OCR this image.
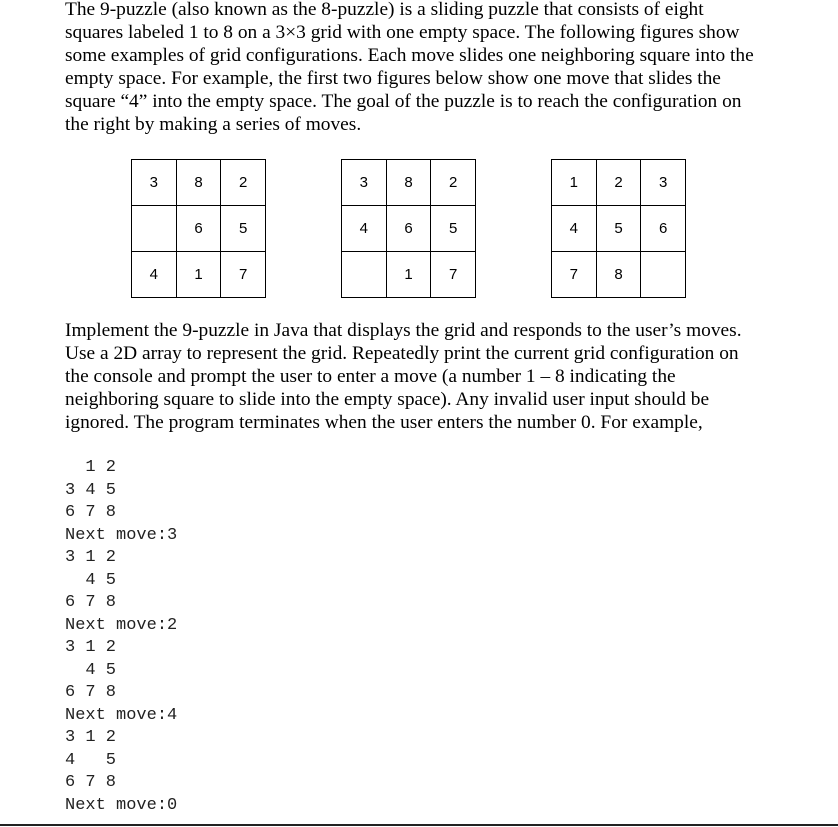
The 9-puzzle (also known as the 8-puzzle) is a sliding puzzle that consists of eight
squares labeled 1 to 8 on a 3×3 grid with one empty space. The following figures show
some examples of grid configurations. Each move slides one neighboring square into the
empty space. For example, the first two figures below show one move that slides the
square “4” into the empty space. The goal of the puzzle is to reach the configuration on
the right by making a series of moves.
3	8	2
	6	5
4	1	7
3	8	2
4	6	5
	1	7
1	2	3
4	5	6
7	8	
Implement the 9-puzzle in Java that displays the grid and responds to the user’s moves.
Use a 2D array to represent the grid. Repeatedly print the current grid configuration on
the console and prompt the user to enter a move (a number 1 – 8 indicating the
neighboring square to slide into the empty space). Any invalid user input should be
ignored. The program terminates when the user enters the number 0. For example,
1 2
3 4 5
6 7 8
Next move:3
3 1 2
4 5
6 7 8
Next move:2
3 1 2
4 5
6 7 8
Next move:4
3 1 2
4   5
6 7 8
Next move:0
